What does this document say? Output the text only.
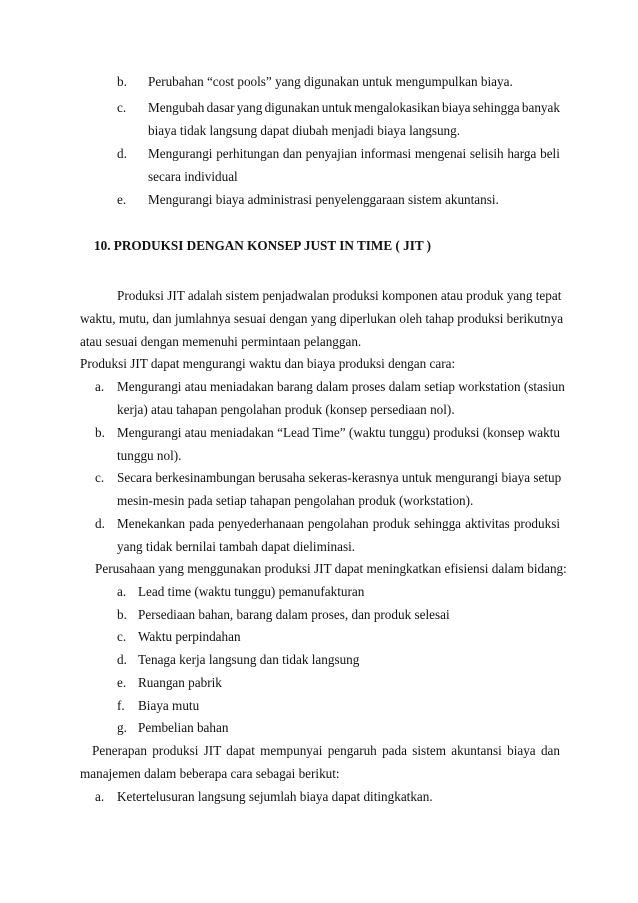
b. Perubahan “cost pools” yang digunakan untuk mengumpulkan biaya.
c. Mengubah dasar yang digunakan untuk mengalokasikan biaya sehingga banyak
biaya tidak langsung dapat diubah menjadi biaya langsung.
d. Mengurangi perhitungan dan penyajian informasi mengenai selisih harga beli
secara individual
e. Mengurangi biaya administrasi penyelenggaraan sistem akuntansi.
10. PRODUKSI DENGAN KONSEP JUST IN TIME ( JIT )
Produksi JIT adalah sistem penjadwalan produksi komponen atau produk yang tepat
waktu, mutu, dan jumlahnya sesuai dengan yang diperlukan oleh tahap produksi berikutnya
atau sesuai dengan memenuhi permintaan pelanggan.
Produksi JIT dapat mengurangi waktu dan biaya produksi dengan cara:
a. Mengurangi atau meniadakan barang dalam proses dalam setiap workstation (stasiun
kerja) atau tahapan pengolahan produk (konsep persediaan nol).
b. Mengurangi atau meniadakan “Lead Time” (waktu tunggu) produksi (konsep waktu
tunggu nol).
c. Secara berkesinambungan berusaha sekeras-kerasnya untuk mengurangi biaya setup
mesin-mesin pada setiap tahapan pengolahan produk (workstation).
d. Menekankan pada penyederhanaan pengolahan produk sehingga aktivitas produksi
yang tidak bernilai tambah dapat dieliminasi.
Perusahaan yang menggunakan produksi JIT dapat meningkatkan efisiensi dalam bidang:
a. Lead time (waktu tunggu) pemanufakturan
b. Persediaan bahan, barang dalam proses, dan produk selesai
c. Waktu perpindahan
d. Tenaga kerja langsung dan tidak langsung
e. Ruangan pabrik
f. Biaya mutu
g. Pembelian bahan
Penerapan produksi JIT dapat mempunyai pengaruh pada sistem akuntansi biaya dan
manajemen dalam beberapa cara sebagai berikut:
a. Ketertelusuran langsung sejumlah biaya dapat ditingkatkan.
